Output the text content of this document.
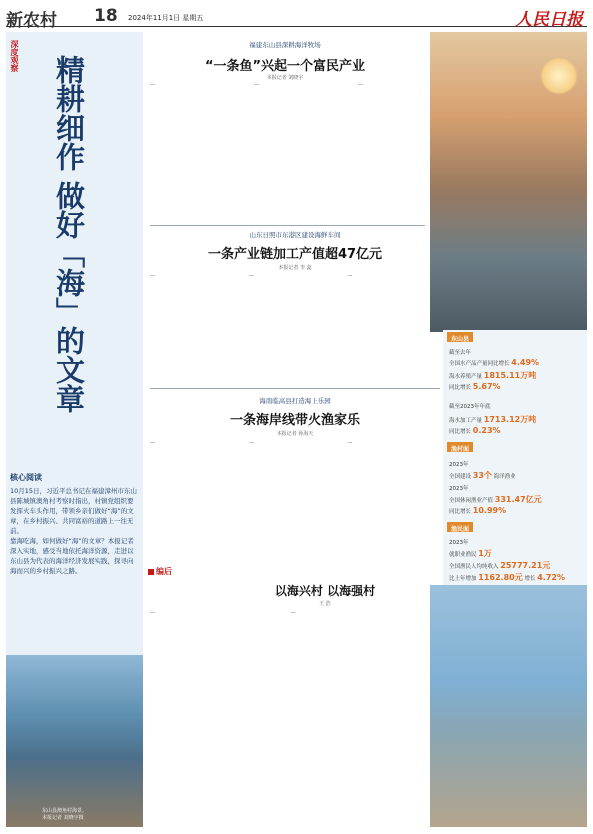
新农村 18 2024年11月1日 星期五	人民日报
深度观察 精耕细作 做好「海」的文章
核心阅读
10月15日，习近平总书记在福建漳州市东山县陈城镇澳角村考察时指出，村镇党组织要发挥火车头作用，带领乡亲们做好“海”的文章，在乡村振兴、共同富裕的道路上一往无前。
靠海吃海，如何做好“海”的文章？本报记者深入实地，感受当地依托海洋资源，走进以东山县为代表的海洋经济发展实践，探寻向海而兴的乡村振兴之路。
东山县澳角村海景。
本报记者 刘晓宇摄
福建东山县深耕海洋牧场
“一条鱼”兴起一个富民产业
本报记者 刘晓宇
—	—	—
山东日照市东港区建设海鲜车间
一条产业链加工产值超47亿元
本报记者 李 蕊
—	—	—
海南临高县打造海上乐园
一条海岸线带火渔家乐
本报记者 孙海天
—	—	—
东山县
截至去年
全国水产品产量同比增长 4.49%
海水养殖产量 1815.11万吨
同比增长 5.67%
截至2023年年底
海水加工产量 1713.12万吨
同比增长 0.23%
漁村面
2023年
全国建设 33个 海洋渔业
2023年
全国休闲渔业产值 331.47亿元
同比增长 10.99%
渔民面
2023年
就职业渔民 1万
全国渔民人均纯收入 25777.21元
比上年增加 1162.80元 增长 4.72%
编后
以海兴村 以海强村
王 浩
—	—
